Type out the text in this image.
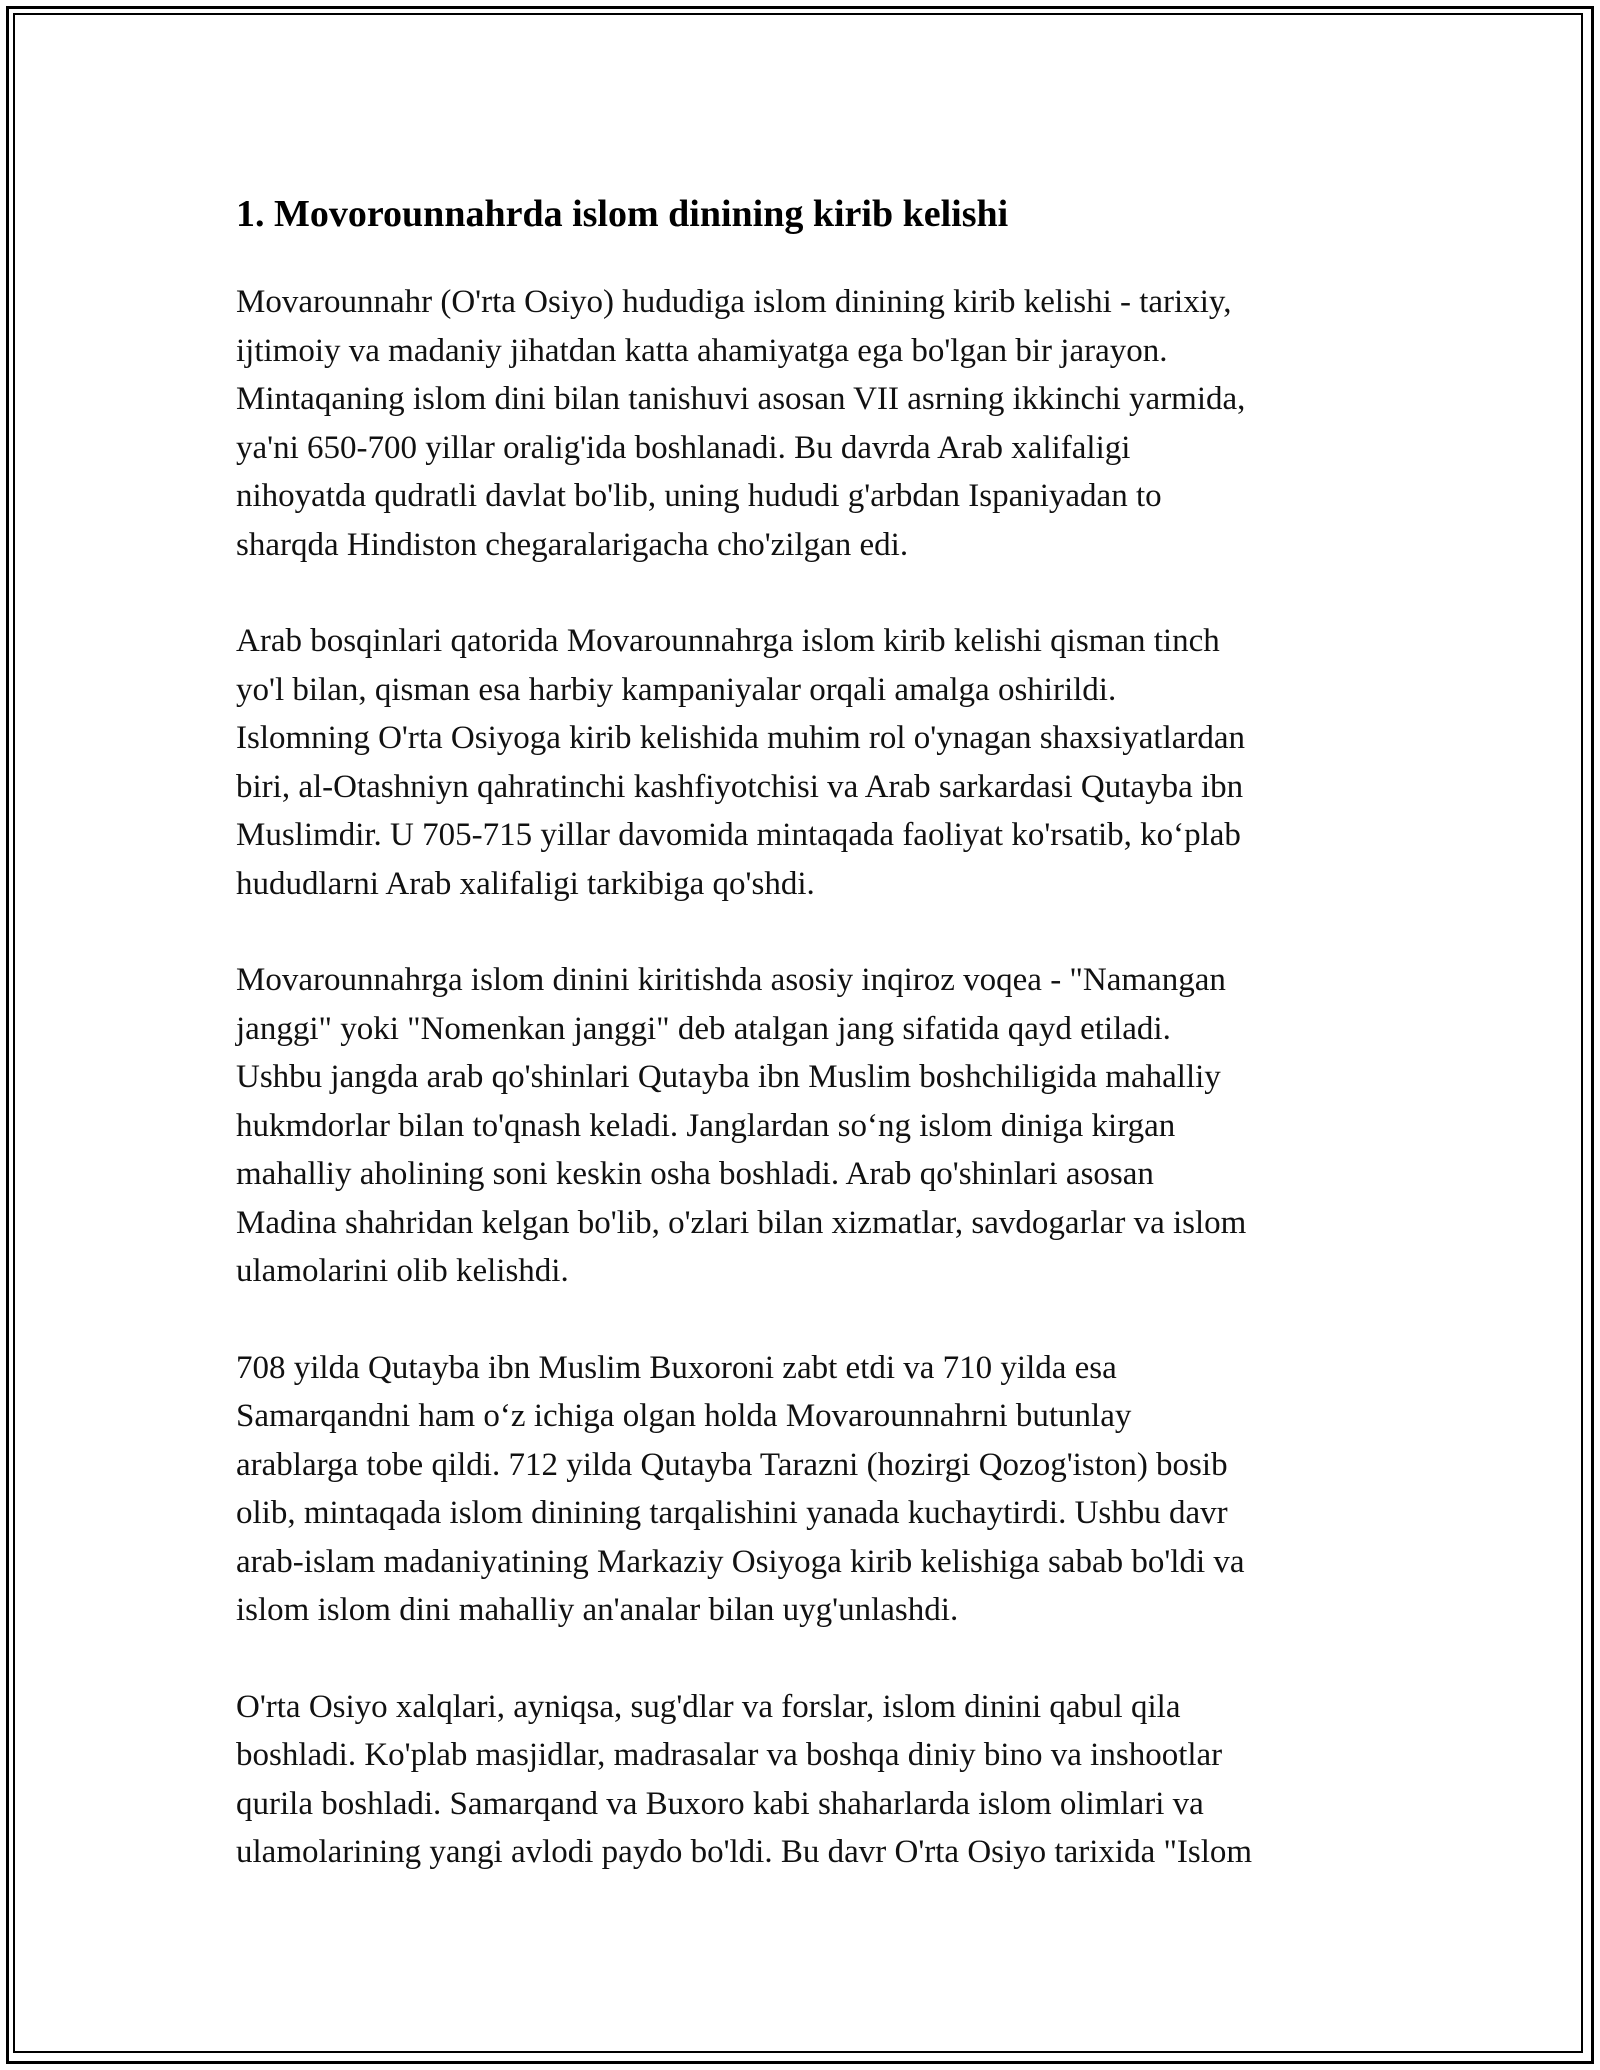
1. Movorounnahrda islom dinining kirib kelishi

Movarounnahr (O'rta Osiyo) hududiga islom dinining kirib kelishi - tarixiy,
ijtimoiy va madaniy jihatdan katta ahamiyatga ega bo'lgan bir jarayon.
Mintaqaning islom dini bilan tanishuvi asosan VII asrning ikkinchi yarmida,
ya'ni 650-700 yillar oralig'ida boshlanadi. Bu davrda Arab xalifaligi
nihoyatda qudratli davlat bo'lib, uning hududi g'arbdan Ispaniyadan to
sharqda Hindiston chegaralarigacha cho'zilgan edi.

Arab bosqinlari qatorida Movarounnahrga islom kirib kelishi qisman tinch
yo'l bilan, qisman esa harbiy kampaniyalar orqali amalga oshirildi.
Islomning O'rta Osiyoga kirib kelishida muhim rol o'ynagan shaxsiyatlardan
biri, al-Otashniyn qahratinchi kashfiyotchisi va Arab sarkardasi Qutayba ibn
Muslimdir. U 705-715 yillar davomida mintaqada faoliyat ko'rsatib, ko‘plab
hududlarni Arab xalifaligi tarkibiga qo'shdi.

Movarounnahrga islom dinini kiritishda asosiy inqiroz voqea - "Namangan
janggi" yoki "Nomenkan janggi" deb atalgan jang sifatida qayd etiladi.
Ushbu jangda arab qo'shinlari Qutayba ibn Muslim boshchiligida mahalliy
hukmdorlar bilan to'qnash keladi. Janglardan so‘ng islom diniga kirgan
mahalliy aholining soni keskin osha boshladi. Arab qo'shinlari asosan
Madina shahridan kelgan bo'lib, o'zlari bilan xizmatlar, savdogarlar va islom
ulamolarini olib kelishdi.

708 yilda Qutayba ibn Muslim Buxoroni zabt etdi va 710 yilda esa
Samarqandni ham o‘z ichiga olgan holda Movarounnahrni butunlay
arablarga tobe qildi. 712 yilda Qutayba Tarazni (hozirgi Qozog'iston) bosib
olib, mintaqada islom dinining tarqalishini yanada kuchaytirdi. Ushbu davr
arab-islam madaniyatining Markaziy Osiyoga kirib kelishiga sabab bo'ldi va
islom islom dini mahalliy an'analar bilan uyg'unlashdi.

O'rta Osiyo xalqlari, ayniqsa, sug'dlar va forslar, islom dinini qabul qila
boshladi. Ko'plab masjidlar, madrasalar va boshqa diniy bino va inshootlar
qurila boshladi. Samarqand va Buxoro kabi shaharlarda islom olimlari va
ulamolarining yangi avlodi paydo bo'ldi. Bu davr O'rta Osiyo tarixida "Islom
